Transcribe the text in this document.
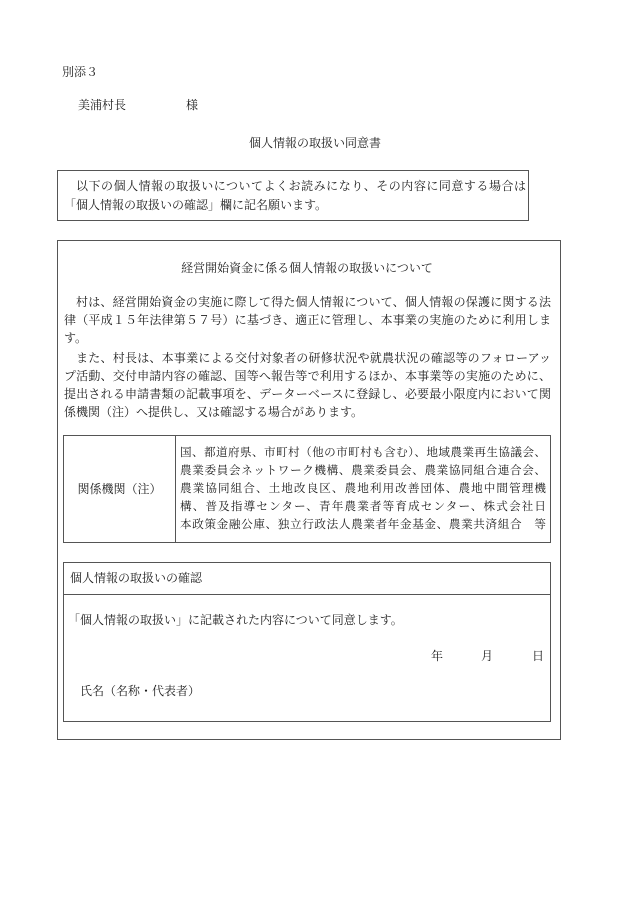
別添３
美浦村長	様
個人情報の取扱い同意書
以下の個人情報の取扱いについてよくお読みになり、その内容に同意する場合は
「個人情報の取扱いの確認」欄に記名願います。
経営開始資金に係る個人情報の取扱いについて
村は、経営開始資金の実施に際して得た個人情報について、個人情報の保護に関する法
律（平成１５年法律第５７号）に基づき、適正に管理し、本事業の実施のために利用しま
す。
また、村長は、本事業による交付対象者の研修状況や就農状況の確認等のフォローアッ
プ活動、交付申請内容の確認、国等へ報告等で利用するほか、本事業等の実施のために、
提出される申請書類の記載事項を、データーベースに登録し、必要最小限度内において関
係機関（注）へ提供し、又は確認する場合があります。
関係機関（注）
国、都道府県、市町村（他の市町村も含む）、地域農業再生協議会、
農業委員会ネットワーク機構、農業委員会、農業協同組合連合会、
農業協同組合、土地改良区、農地利用改善団体、農地中間管理機
構、普及指導センター、青年農業者等育成センター、株式会社日
本政策金融公庫、独立行政法人農業者年金基金、農業共済組合　等
個人情報の取扱いの確認
「個人情報の取扱い」に記載された内容について同意します。
年	月	日
氏名（名称・代表者）
